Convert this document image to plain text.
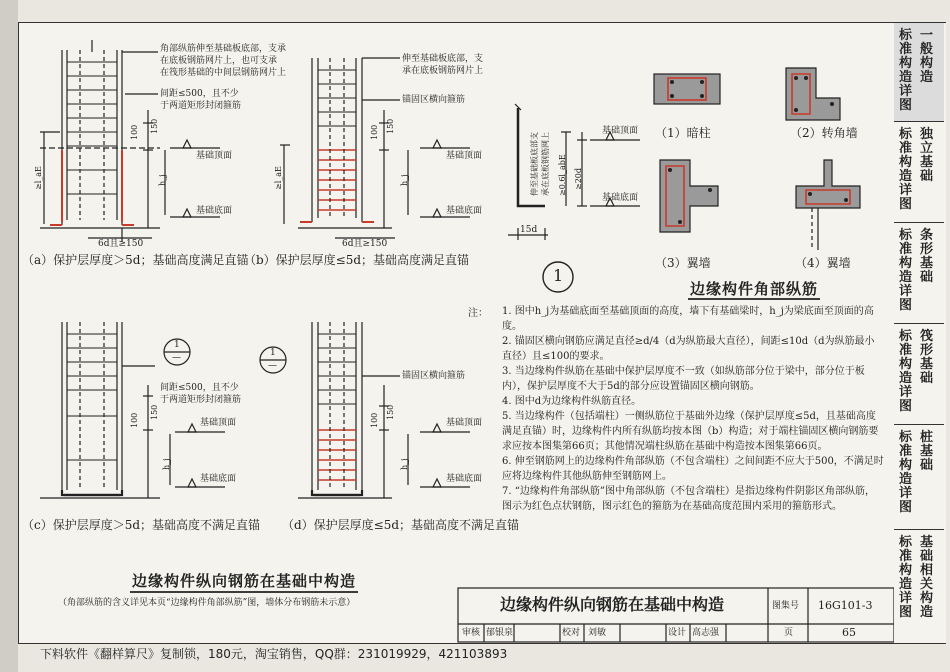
角部纵筋伸至基础板底部，支承
在底板钢筋网片上，也可支承
在筏形基础的中间层钢筋网片上
间距≤500，且不少
于两道矩形封闭箍筋
100 150
基础顶面
基础底面
≥l_aE	h_j
6d且≥150
（a）保护层厚度＞5d；基础高度满足直锚
伸至基础板底部，支
承在底板钢筋网片上
锚固区横向箍筋
100 150
基础顶面
基础底面
≥l_aE	h_j
6d且≥150
（b）保护层厚度≤5d；基础高度满足直锚
伸至基础板底部支 承在底板钢筋网上 ≥0.6l_abE ≥20d
基础顶面
基础底面
15d
（1）暗柱	（2）转角墙
（3）翼墙	（4）翼墙
1
边缘构件角部纵筋
间距≤500，且不少
于两道矩形封闭箍筋
100
150
基础顶面
基础底面
h_j
1
—
（c）保护层厚度＞5d；基础高度不满足直锚
锚固区横向箍筋
100
150
基础顶面
基础底面
h_j
1
—
（d）保护层厚度≤5d；基础高度不满足直锚
边缘构件纵向钢筋在基础中构造
（角部纵筋的含义详见本页“边缘构件角部纵筋”图，墙体分布钢筋未示意）
注：	1. 图中h_j为基础底面至基础顶面的高度，墙下有基础梁时，h_j为梁底面至顶面的高度。
2. 锚固区横向钢筋应满足直径≥d/4（d为纵筋最大直径），间距≤10d（d为纵筋最小直径）且≤100的要求。
3. 当边缘构件纵筋在基础中保护层厚度不一致（如纵筋部分位于梁中，部分位于板内），保护层厚度不大于5d的部分应设置锚固区横向钢筋。
4. 图中d为边缘构件纵筋直径。
5. 当边缘构件（包括端柱）一侧纵筋位于基础外边缘（保护层厚度≤5d，且基础高度满足直锚）时，边缘构件内所有纵筋均按本图（b）构造；对于端柱锚固区横向钢筋要求应按本图集第66页；其他情况端柱纵筋在基础中构造按本图集第66页。
6. 伸至钢筋网上的边缘构件角部纵筋（不包含端柱）之间间距不应大于500，不满足时应将边缘构件其他纵筋伸至钢筋网上。
7. “边缘构件角部纵筋”图中角部纵筋（不包含端柱）是指边缘构件阴影区角部纵筋，图示为红色点状钢筋，图示红色的箍筋为在基础高度范围内采用的箍筋形式。
边缘构件纵向钢筋在基础中构造	图集号 16G101-3
审核 郁银泉	校对 刘敏	设计 高志强	页	65
标准构造详图
一般构造
标准构造详图
独立基础
标准构造详图
条形基础
标准构造详图
筏形基础
标准构造详图
桩基础
标准构造详图
基础相关构造
下料软件《翻样算尺》复制锁，180元，淘宝销售，QQ群：231019929，421103893
